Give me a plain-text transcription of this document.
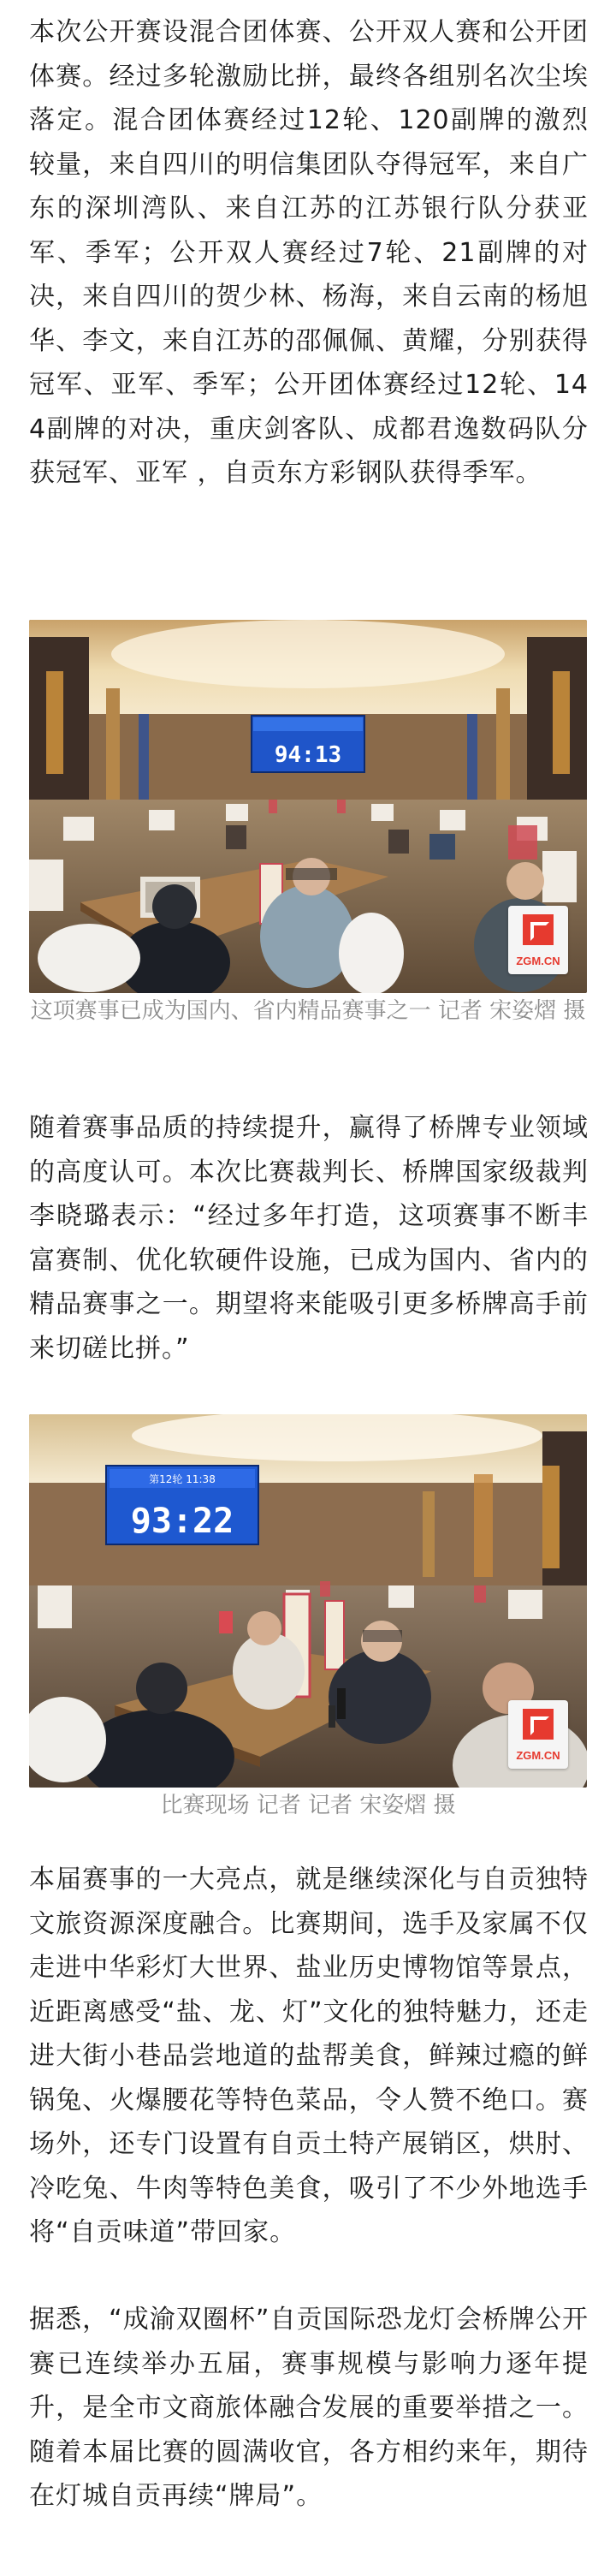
本次公开赛设混合团体赛、公开双人赛和公开团体赛。经过多轮激励比拼，最终各组别名次尘埃落定。混合团体赛经过12轮、120副牌的激烈较量，来自四川的明信集团队夺得冠军，来自广东的深圳湾队、来自江苏的江苏银行队分获亚军、季军；公开双人赛经过7轮、21副牌的对决，来自四川的贺少林、杨海，来自云南的杨旭华、李文，来自江苏的邵佩佩、黄耀，分别获得冠军、亚军、季军；公开团体赛经过12轮、144副牌的对决，重庆剑客队、成都君逸数码队分获冠军、亚军 ，自贡东方彩钢队获得季军。

94:13
ZGM.CN

这项赛事已成为国内、省内精品赛事之一 记者 宋姿熠 摄

随着赛事品质的持续提升，赢得了桥牌专业领域的高度认可。本次比赛裁判长、桥牌国家级裁判李晓璐表示：“经过多年打造，这项赛事不断丰富赛制、优化软硬件设施，已成为国内、省内的精品赛事之一。期望将来能吸引更多桥牌高手前来切磋比拼。”

第12轮 11:38
93:22
ZGM.CN

比赛现场 记者 记者 宋姿熠 摄

本届赛事的一大亮点，就是继续深化与自贡独特文旅资源深度融合。比赛期间，选手及家属不仅走进中华彩灯大世界、盐业历史博物馆等景点，近距离感受“盐、龙、灯”文化的独特魅力，还走进大街小巷品尝地道的盐帮美食，鲜辣过瘾的鲜锅兔、火爆腰花等特色菜品，令人赞不绝口。赛场外，还专门设置有自贡土特产展销区，烘肘、冷吃兔、牛肉等特色美食，吸引了不少外地选手将“自贡味道”带回家。

据悉，“成渝双圈杯”自贡国际恐龙灯会桥牌公开赛已连续举办五届，赛事规模与影响力逐年提升，是全市文商旅体融合发展的重要举措之一。随着本届比赛的圆满收官，各方相约来年，期待在灯城自贡再续“牌局”。
